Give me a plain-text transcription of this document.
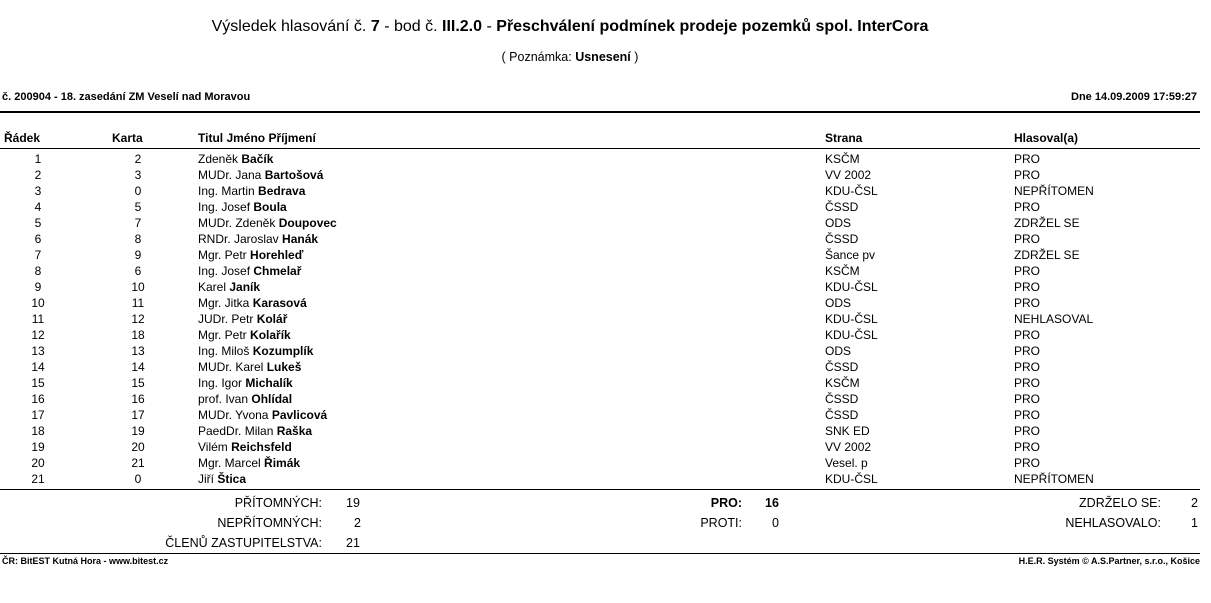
Výsledek hlasování č. 7 - bod č. III.2.0 - Přeschválení podmínek prodeje pozemků spol. InterCora
( Poznámka: Usnesení )
č. 200904 - 18. zasedání ZM Veselí nad Moravou	Dne 14.09.2009 17:59:27
Řádek	Karta	Titul Jméno Příjmení	Strana	Hlasoval(a)
1	2	Zdeněk Bačík	KSČM	PRO
2	3	MUDr. Jana Bartošová	VV 2002	PRO
3	0	Ing. Martin Bedrava	KDU-ČSL	NEPŘÍTOMEN
4	5	Ing. Josef Boula	ČSSD	PRO
5	7	MUDr. Zdeněk Doupovec	ODS	ZDRŽEL SE
6	8	RNDr. Jaroslav Hanák	ČSSD	PRO
7	9	Mgr. Petr Horehleď	Šance pv	ZDRŽEL SE
8	6	Ing. Josef Chmelař	KSČM	PRO
9	10	Karel Janík	KDU-ČSL	PRO
10	11	Mgr. Jitka Karasová	ODS	PRO
11	12	JUDr. Petr Kolář	KDU-ČSL	NEHLASOVAL
12	18	Mgr. Petr Kolařík	KDU-ČSL	PRO
13	13	Ing. Miloš Kozumplík	ODS	PRO
14	14	MUDr. Karel Lukeš	ČSSD	PRO
15	15	Ing. Igor Michalík	KSČM	PRO
16	16	prof. Ivan Ohlídal	ČSSD	PRO
17	17	MUDr. Yvona Pavlicová	ČSSD	PRO
18	19	PaedDr. Milan Raška	SNK ED	PRO
19	20	Vilém Reichsfeld	VV 2002	PRO
20	21	Mgr. Marcel Řimák	Vesel. p	PRO
21	0	Jiří Štica	KDU-ČSL	NEPŘÍTOMEN
PŘÍTOMNÝCH: 19
NEPŘÍTOMNÝCH:	2
ČLENŮ ZASTUPITELSTVA: 21
PRO: 16
PROTI: 0
ZDRŽELO SE: 2
NEHLASOVALO: 1
ČR: BitEST Kutná Hora - www.bitest.cz	H.E.R. Systém © A.S.Partner, s.r.o., Košice
